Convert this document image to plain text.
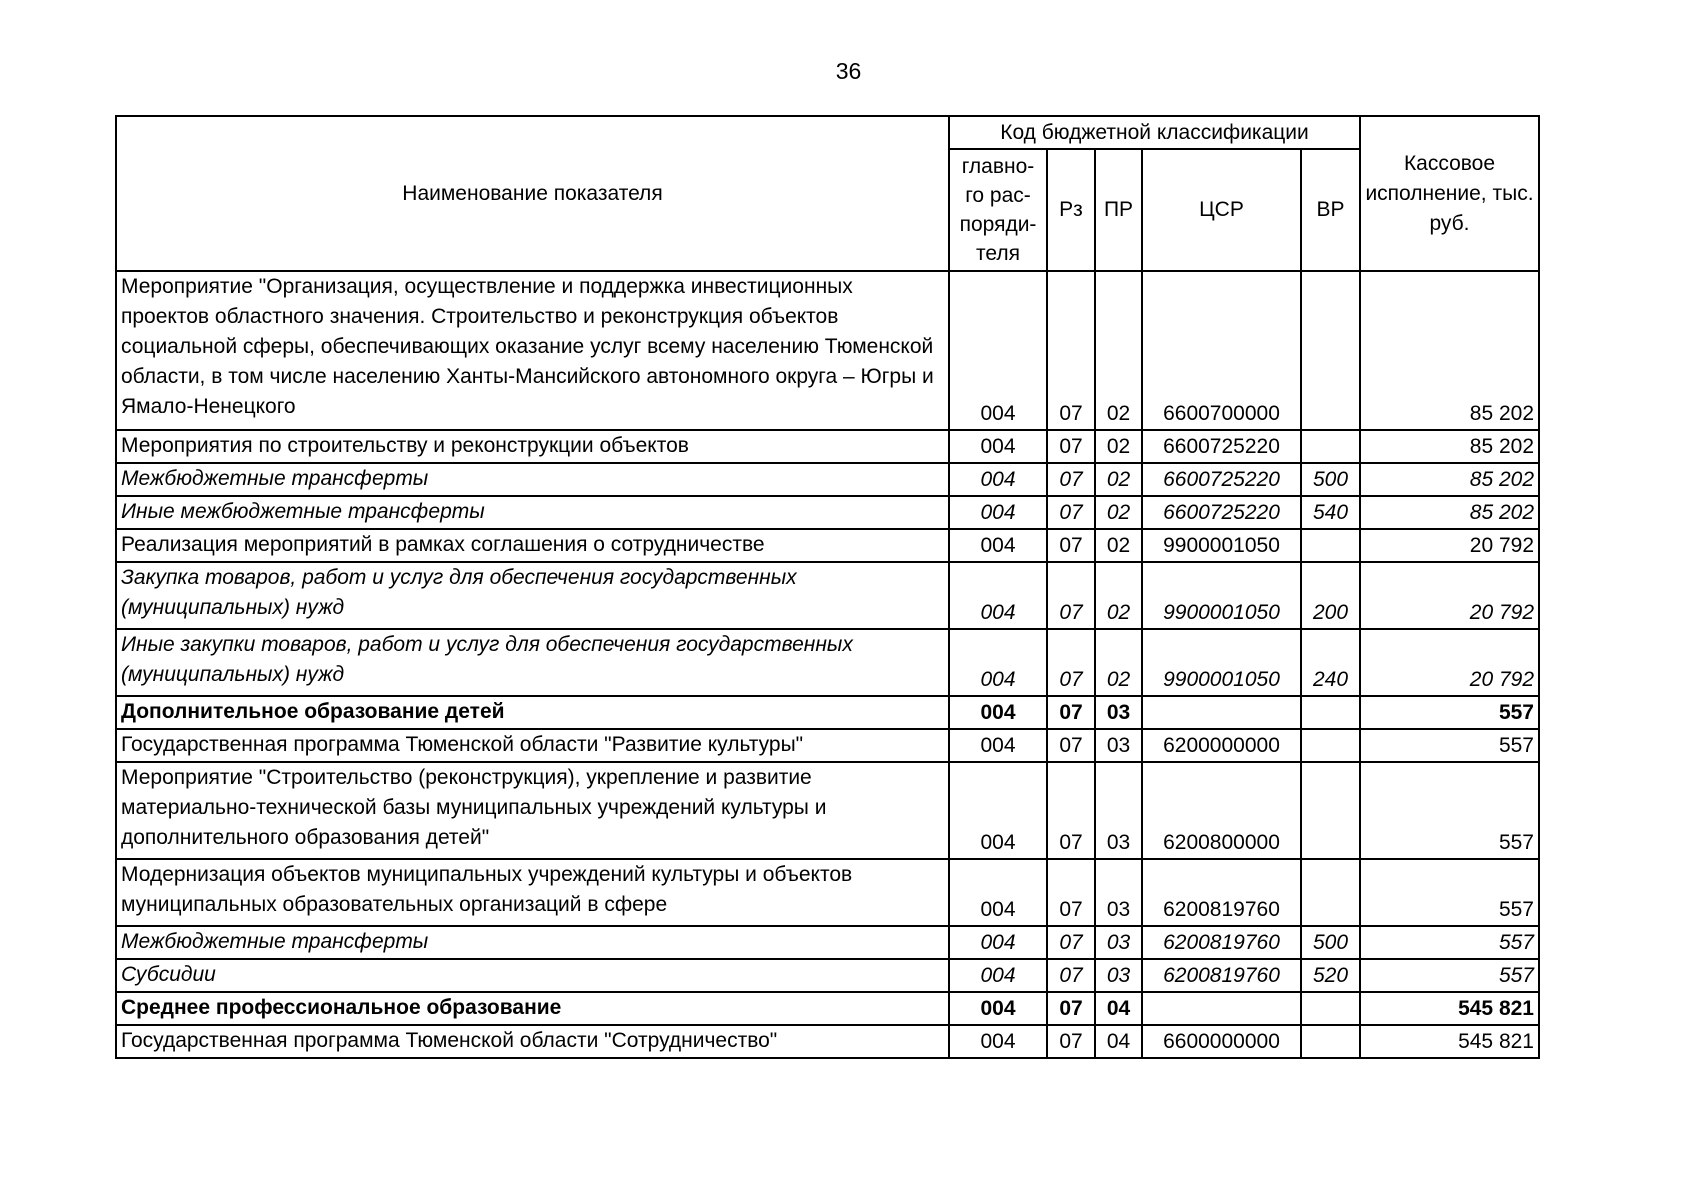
36
Наименование показателя	Код бюджетной классификации					Кассовое исполнение, тыс. руб.
	главно-го рас-поряди-теля	Рз	ПР	ЦСР	ВР	
Мероприятие "Организация, осуществление и поддержка инвестиционных проектов областного значения. Строительство и реконструкция объектов социальной сферы, обеспечивающих оказание услуг всему населению Тюменской области, в том числе населению Ханты-Мансийского автономного округа – Югры и Ямало-Ненецкого	004	07	02	6600700000		85 202
Мероприятия по строительству и реконструкции объектов	004	07	02	6600725220		85 202
Межбюджетные трансферты	004	07	02	6600725220	500	85 202
Иные межбюджетные трансферты	004	07	02	6600725220	540	85 202
Реализация мероприятий в рамках соглашения о сотрудничестве	004	07	02	9900001050		20 792
Закупка товаров, работ и услуг для обеспечения государственных (муниципальных) нужд	004	07	02	9900001050	200	20 792
Иные закупки товаров, работ и услуг для обеспечения государственных (муниципальных) нужд	004	07	02	9900001050	240	20 792
Дополнительное образование детей	004	07	03			557
Государственная программа Тюменской области "Развитие культуры"	004	07	03	6200000000		557
Мероприятие "Строительство (реконструкция), укрепление и развитие материально-технической базы муниципальных учреждений культуры и дополнительного образования детей"	004	07	03	6200800000		557
Модернизация объектов муниципальных учреждений культуры и объектов муниципальных образовательных организаций в сфере	004	07	03	6200819760		557
Межбюджетные трансферты	004	07	03	6200819760	500	557
Субсидии	004	07	03	6200819760	520	557
Среднее профессиональное образование	004	07	04			545 821
Государственная программа Тюменской области "Сотрудничество"	004	07	04	6600000000		545 821
